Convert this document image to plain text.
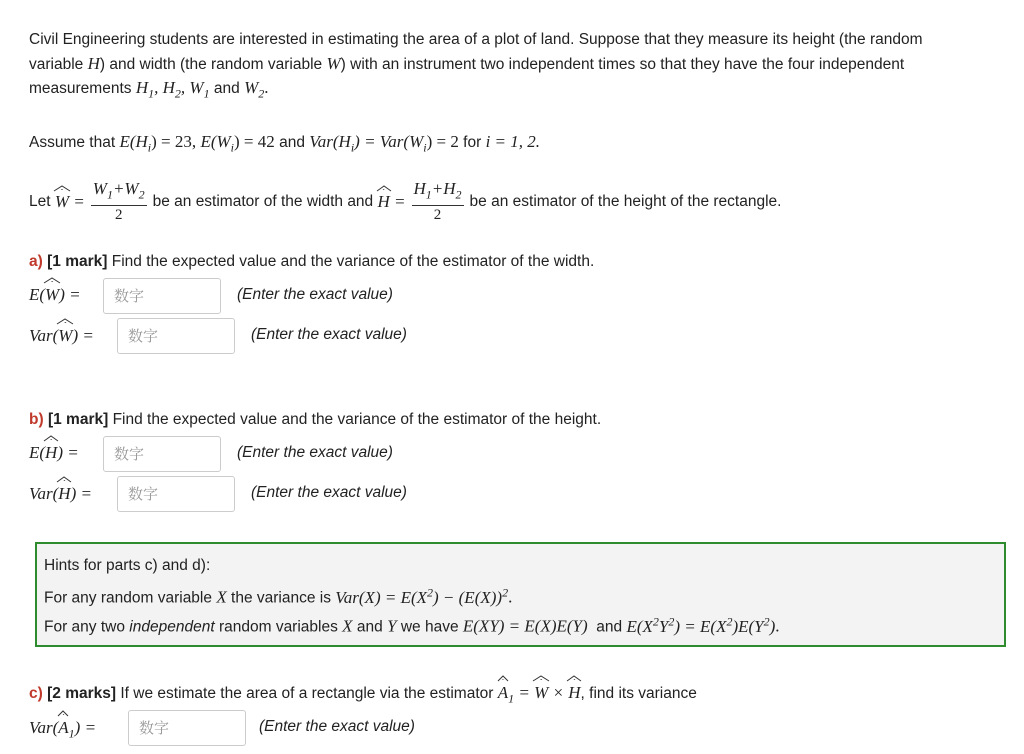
Civil Engineering students are interested in estimating the area of a plot of land. Suppose that they measure its height (the random
variable H) and width (the random variable W) with an instrument two independent times so that they have the four independent
measurements $H_1$, $H_2$, $W_1$ and $W_2$.
Assume that $E(H_i) = 23$, $E(W_i) = 42$ and $Var(H_i) = Var(W_i) = 2$ for i = 1, 2.
Let
W
= $\frac{W_1+W_2}{2}$ be an estimator of the width and
H
= $\frac{H_1+H_2}{2}$ be an estimator of the height of the rectangle.
a) [1 mark] Find the expected value and the variance of the estimator of the width.
E(W
) =
数字	(Enter the exact value)
Var(W
) =
数字	(Enter the exact value)
b) [1 mark] Find the expected value and the variance of the estimator of the height.
E(H
) =
数字	(Enter the exact value)
Var(H
) =
数字	(Enter the exact value)
Hints for parts c) and d):
For any random variable X the variance is $Var(X) = E(X^2) - (E(X))^2$.
For any two independent random variables X and Y we have E(XY) = E(X)E(Y) and $E(X^2Y^2) = E(X^2)E(Y^2)$.
c) [2 marks] If we estimate the area of a rectangle via the estimator A
$_1$ = W
× H
, find its variance
Var(A
$_1$) =
数字	(Enter the exact value)
